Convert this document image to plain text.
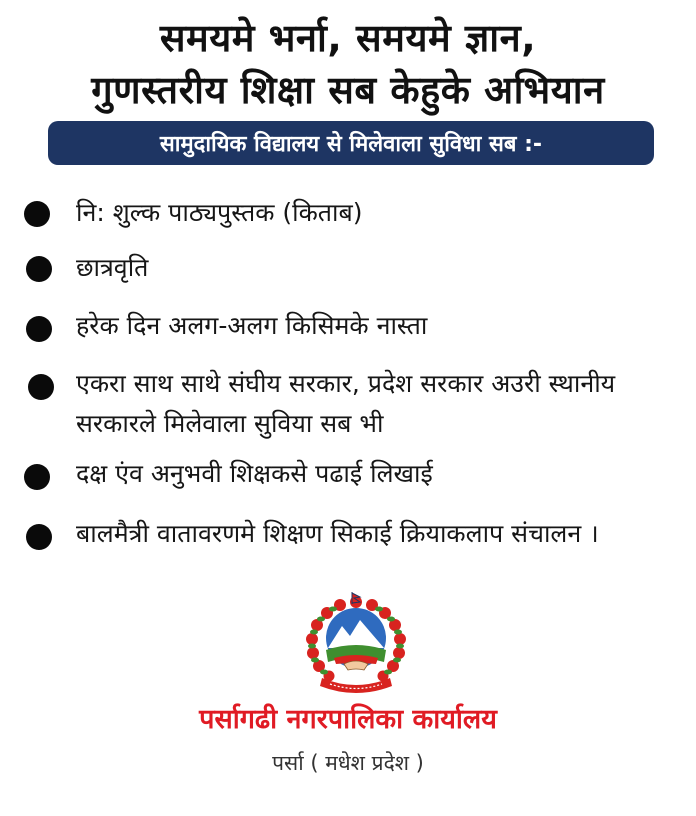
समयमे भर्ना, समयमे ज्ञान,
गुणस्तरीय शिक्षा सब केहुके अभियान
सामुदायिक विद्यालय से मिलेवाला सुविधा सब :-
नि: शुल्क पाठ्यपुस्तक (किताब)
छात्रवृति
हरेक दिन अलग-अलग किसिमके नास्ता
एकरा साथ साथे संघीय सरकार, प्रदेश सरकार अउरी स्थानीय सरकारले मिलेवाला सुविया सब भी
दक्ष एंव अनुभवी शिक्षकसे पढाई लिखाई
बालमैत्री वातावरणमे शिक्षण सिकाई क्रियाकलाप संचालन ।
पर्सागढी नगरपालिका कार्यालय
पर्सा ( मधेश प्रदेश )
